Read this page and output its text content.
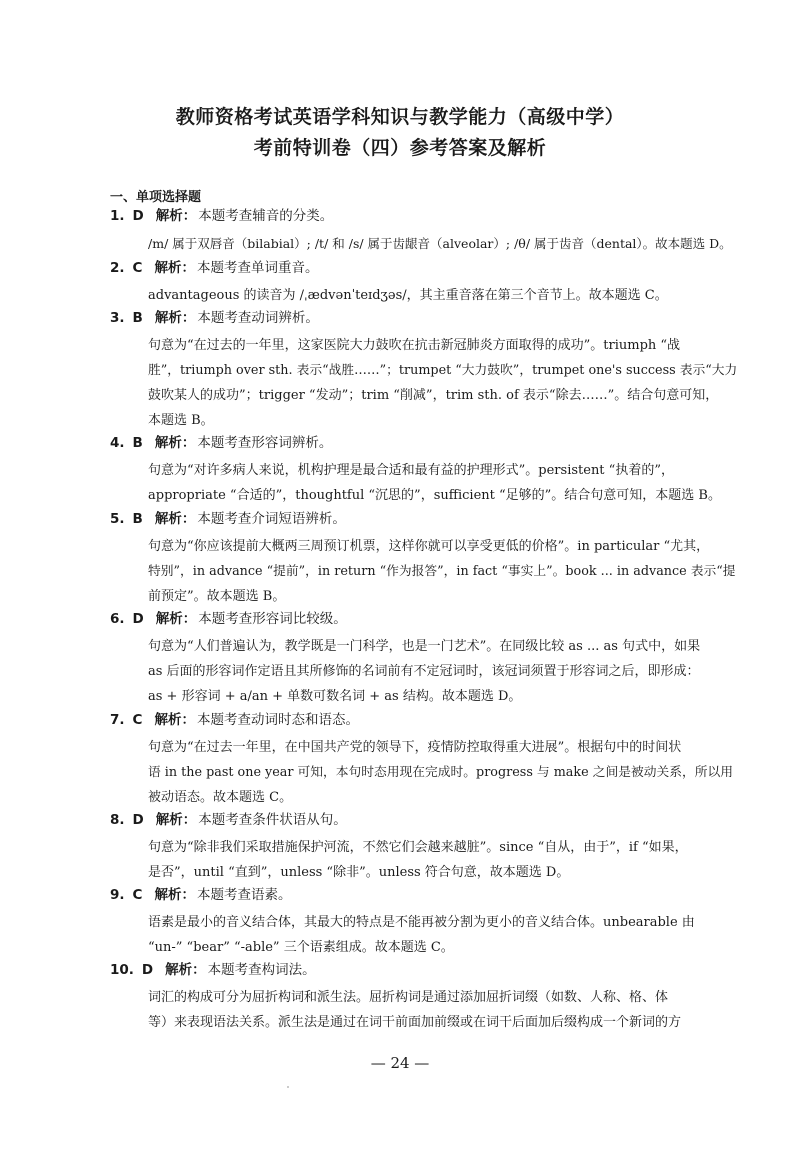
教师资格考试英语学科知识与教学能力（高级中学）
考前特训卷（四）参考答案及解析
一、单项选择题
1. D 解析： 本题考查辅音的分类。
/m/ 属于双唇音（bilabial）; /t/ 和 /s/ 属于齿龈音（alveolar）; /θ/ 属于齿音（dental）。故本题选 D。
2. C 解析： 本题考查单词重音。
advantageous 的读音为 /ˌædvənˈteɪdʒəs/，其主重音落在第三个音节上。故本题选 C。
3. B 解析： 本题考查动词辨析。
句意为“在过去的一年里，这家医院大力鼓吹在抗击新冠肺炎方面取得的成功”。triumph “战
胜”，triumph over sth. 表示“战胜……”；trumpet “大力鼓吹”，trumpet one's success 表示“大力
鼓吹某人的成功”；trigger “发动”；trim “削减”，trim sth. of 表示“除去……”。结合句意可知，
本题选 B。
4. B 解析： 本题考查形容词辨析。
句意为“对许多病人来说，机构护理是最合适和最有益的护理形式”。persistent “执着的”，
appropriate “合适的”，thoughtful “沉思的”，sufficient “足够的”。结合句意可知，本题选 B。
5. B 解析： 本题考查介词短语辨析。
句意为“你应该提前大概两三周预订机票，这样你就可以享受更低的价格”。in particular “尤其，
特别”，in advance “提前”，in return “作为报答”，in fact “事实上”。book ... in advance 表示“提
前预定”。故本题选 B。
6. D 解析： 本题考查形容词比较级。
句意为“人们普遍认为，教学既是一门科学，也是一门艺术”。在同级比较 as ... as 句式中，如果
as 后面的形容词作定语且其所修饰的名词前有不定冠词时，该冠词须置于形容词之后，即形成：
as + 形容词 + a/an + 单数可数名词 + as 结构。故本题选 D。
7. C 解析： 本题考查动词时态和语态。
句意为“在过去一年里，在中国共产党的领导下，疫情防控取得重大进展”。根据句中的时间状
语 in the past one year 可知，本句时态用现在完成时。progress 与 make 之间是被动关系，所以用
被动语态。故本题选 C。
8. D 解析： 本题考查条件状语从句。
句意为“除非我们采取措施保护河流，不然它们会越来越脏”。since “自从，由于”，if “如果，
是否”，until “直到”，unless “除非”。unless 符合句意，故本题选 D。
9. C 解析： 本题考查语素。
语素是最小的音义结合体，其最大的特点是不能再被分割为更小的音义结合体。unbearable 由
“un-” “bear” “-able” 三个语素组成。故本题选 C。
10. D 解析： 本题考查构词法。
词汇的构成可分为屈折构词和派生法。屈折构词是通过添加屈折词缀（如数、人称、格、体
等）来表现语法关系。派生法是通过在词干前面加前缀或在词干后面加后缀构成一个新词的方
— 24 —
